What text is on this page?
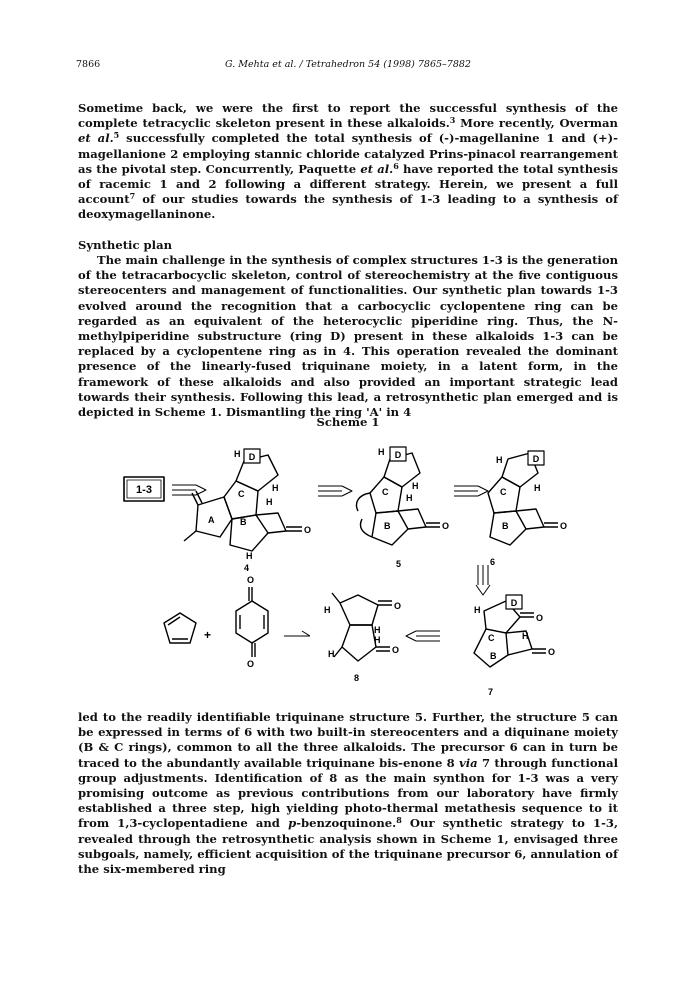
7866	G. Mehta et al. / Tetrahedron 54 (1998) 7865–7882

Sometime back, we were the first to report the successful synthesis of the complete tetracyclic skeleton present in these alkaloids.$^3$ More recently, Overman et al.$^5$ successfully completed the total synthesis of (-)-magellanine 1 and (+)-magellanione 2 employing stannic chloride catalyzed Prins-pinacol rearrangement as the pivotal step. Concurrently, Paquette et al.$^6$ have reported the total synthesis of racemic 1 and 2 following a different strategy. Herein, we present a full account$^7$ of our studies towards the synthesis of 1-3 leading to a synthesis of deoxymagellaninone.

Synthetic plan

The main challenge in the synthesis of complex structures 1-3 is the generation of the tetracarbocyclic skeleton, control of stereochemistry at the five contiguous stereocenters and management of functionalities. Our synthetic plan towards 1-3 evolved around the recognition that a carbocyclic cyclopentene ring can be regarded as an equivalent of the heterocyclic piperidine ring. Thus, the N-methylpiperidine substructure (ring D) present in these alkaloids 1-3 can be replaced by a cyclopentene ring as in 4. This operation revealed the dominant presence of the linearly-fused triquinane moiety, in a latent form, in the framework of these alkaloids and also provided an important strategic lead towards their synthesis. Following this lead, a retrosynthetic plan emerged and is depicted in Scheme 1. Dismantling the ring 'A' in 4

Scheme 1
1-3
D
H
C
H
H
A	B
O
H
4
D
H
C
H
H
B	O
5
D
H
C	H
B	O
6
+
O
O
H	O
H
H
H	O
8
D
H
C	H
B
O
O
7

led to the readily identifiable triquinane structure 5. Further, the structure 5 can be expressed in terms of 6 with two built-in stereocenters and a diquinane moiety (B & C rings), common to all the three alkaloids. The precursor 6 can in turn be traced to the abundantly available triquinane bis-enone 8 via 7 through functional group adjustments. Identification of 8 as the main synthon for 1-3 was a very promising outcome as previous contributions from our laboratory have firmly established a three step, high yielding photo-thermal metathesis sequence to it from 1,3-cyclopentadiene and p-benzoquinone.$^8$ Our synthetic strategy to 1-3, revealed through the retrosynthetic analysis shown in Scheme 1, envisaged three subgoals, namely, efficient acquisition of the triquinane precursor 6, annulation of the six-membered ring
